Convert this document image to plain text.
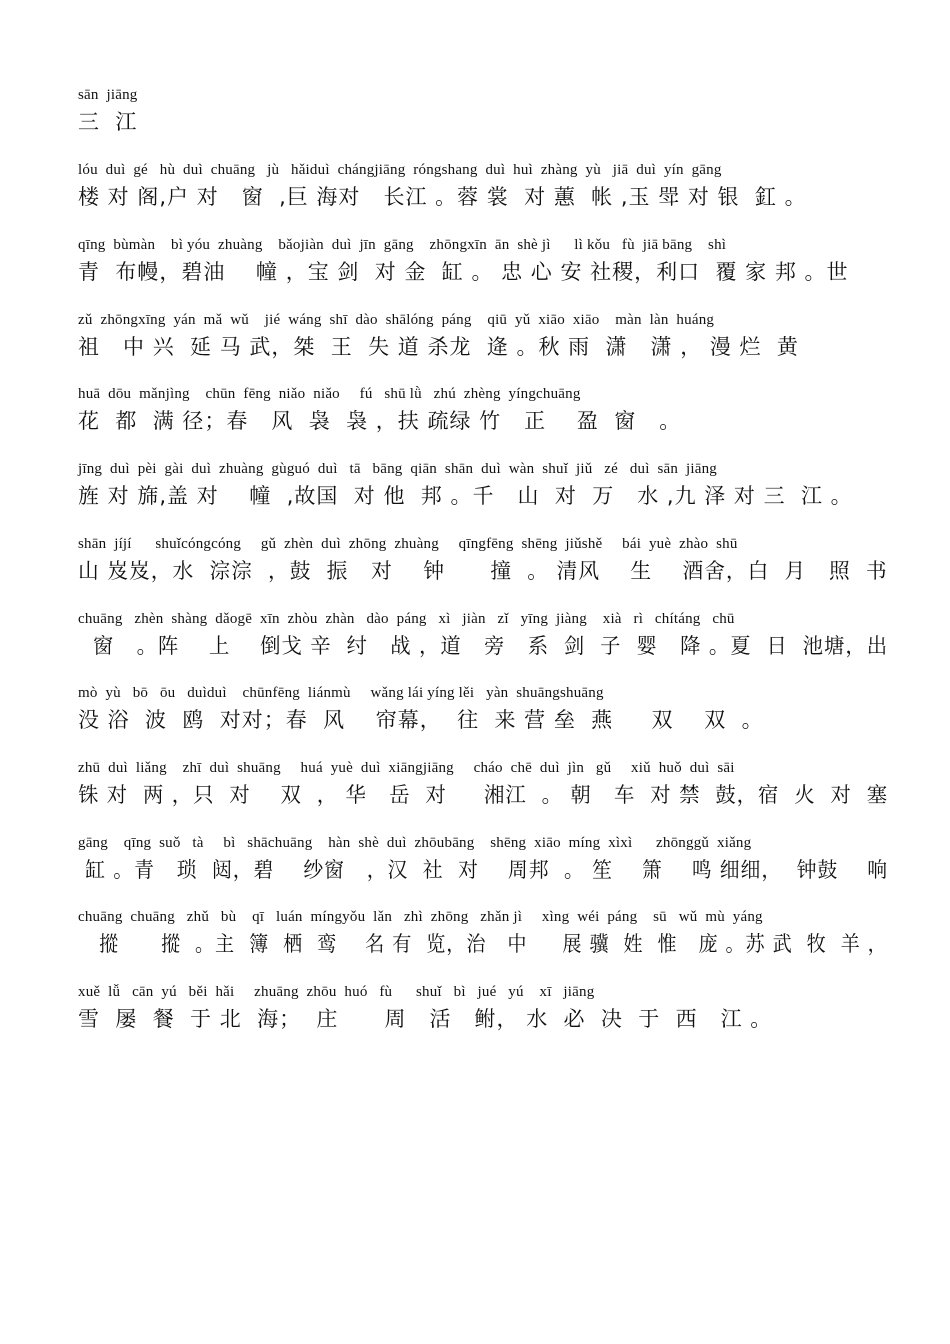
sān  jiāng
三  江
lóu  duì  gé   hù  duì  chuāng   jù   hǎiduì  chángjiāng  róngshang  duì  huì  zhàng  yù   jiā  duì  yín  gāng
楼 对 阁,户 对   窗  ,巨 海对   长江 。蓉 裳  对 蕙  帐 ,玉 斝 对 银  釭 。
qīng  bùmàn    bì yóu  zhuàng    bǎojiàn  duì  jīn  gāng    zhōngxīn  ān  shè jì      lì kǒu   fù  jiā bāng    shì
青  布幔，碧油    幢 ，宝 剑  对 金  缸 。 忠 心 安 社稷，利口  覆 家 邦 。世
zǔ  zhōngxīng  yán  mǎ  wǔ    jié  wáng  shī  dào  shālóng  páng    qiū  yǔ  xiāo  xiāo    màn  làn  huáng
祖   中 兴  延 马 武，桀  王  失 道 杀龙  逄 。秋 雨  潇   潇 ， 漫 烂  黄
huā  dōu  mǎnjìng    chūn  fēng  niǎo  niǎo     fú   shū lǜ   zhú  zhèng  yíngchuāng
花  都  满 径；春   风  袅  袅 ，扶 疏绿 竹   正    盈  窗   。
jīng  duì  pèi  gài  duì  zhuàng  gùguó  duì   tā   bāng  qiān  shān  duì  wàn  shuǐ  jiǔ   zé   duì  sān  jiāng
旌 对 旆,盖 对    幢  ,故国  对 他  邦 。千   山  对  万   水 ,九 泽 对 三  江 。
shān  jíjí      shuǐcóngcóng     gǔ  zhèn  duì  zhōng  zhuàng     qīngfēng  shēng  jiǔshě     bái  yuè  zhào  shū
山 岌岌，水  淙淙  ，鼓  振   对    钟      撞  。 清风    生    酒舍，白  月   照  书
chuāng   zhèn  shàng  dǎogē  xīn  zhòu  zhàn   dào  páng   xì   jiàn   zǐ   yīng  jiàng    xià   rì   chítáng   chū
窗   。阵    上    倒戈 辛  纣   战 ，道   旁   系  剑  子  婴   降 。夏  日  池塘，出
mò  yù   bō   ōu   duìduì    chūnfēng  liánmù     wǎng lái yíng lěi   yàn  shuāngshuāng
没 浴  波  鸥  对对；春  风    帘幕，  往  来 营 垒  燕     双    双  。
zhū  duì  liǎng    zhī  duì  shuāng     huá  yuè  duì  xiāngjiāng     cháo  chē  duì  jìn   gǔ     xiǔ  huǒ  duì  sāi
铢 对  两 ，只  对    双  ， 华   岳  对     湘江  。 朝   车  对 禁  鼓，宿  火  对  塞
gāng    qīng  suǒ   tà     bì   shāchuāng    hàn  shè  duì  zhōubāng    shēng  xiāo  míng  xìxì      zhōnggǔ  xiǎng
缸 。青   琐  闼，碧    纱窗   ，汉  社  对    周邦  。 笙    箫    鸣 细细，  钟鼓    响
chuāng  chuāng   zhǔ   bù    qī   luán  míngyǒu  lǎn   zhì  zhōng   zhǎn jì     xìng  wéi  páng    sū   wǔ  mù  yáng
摐      摐  。主  簿  栖  鸾    名 有  览，治   中     展 骥  姓  惟   庞 。苏 武  牧  羊 ，
xuě  lǚ   cān  yú   běi  hǎi     zhuāng  zhōu  huó   fù      shuǐ   bì   jué   yú    xī   jiāng
雪  屡  餐  于 北  海；  庄      周   活   鲋， 水  必  决  于  西   江 。
